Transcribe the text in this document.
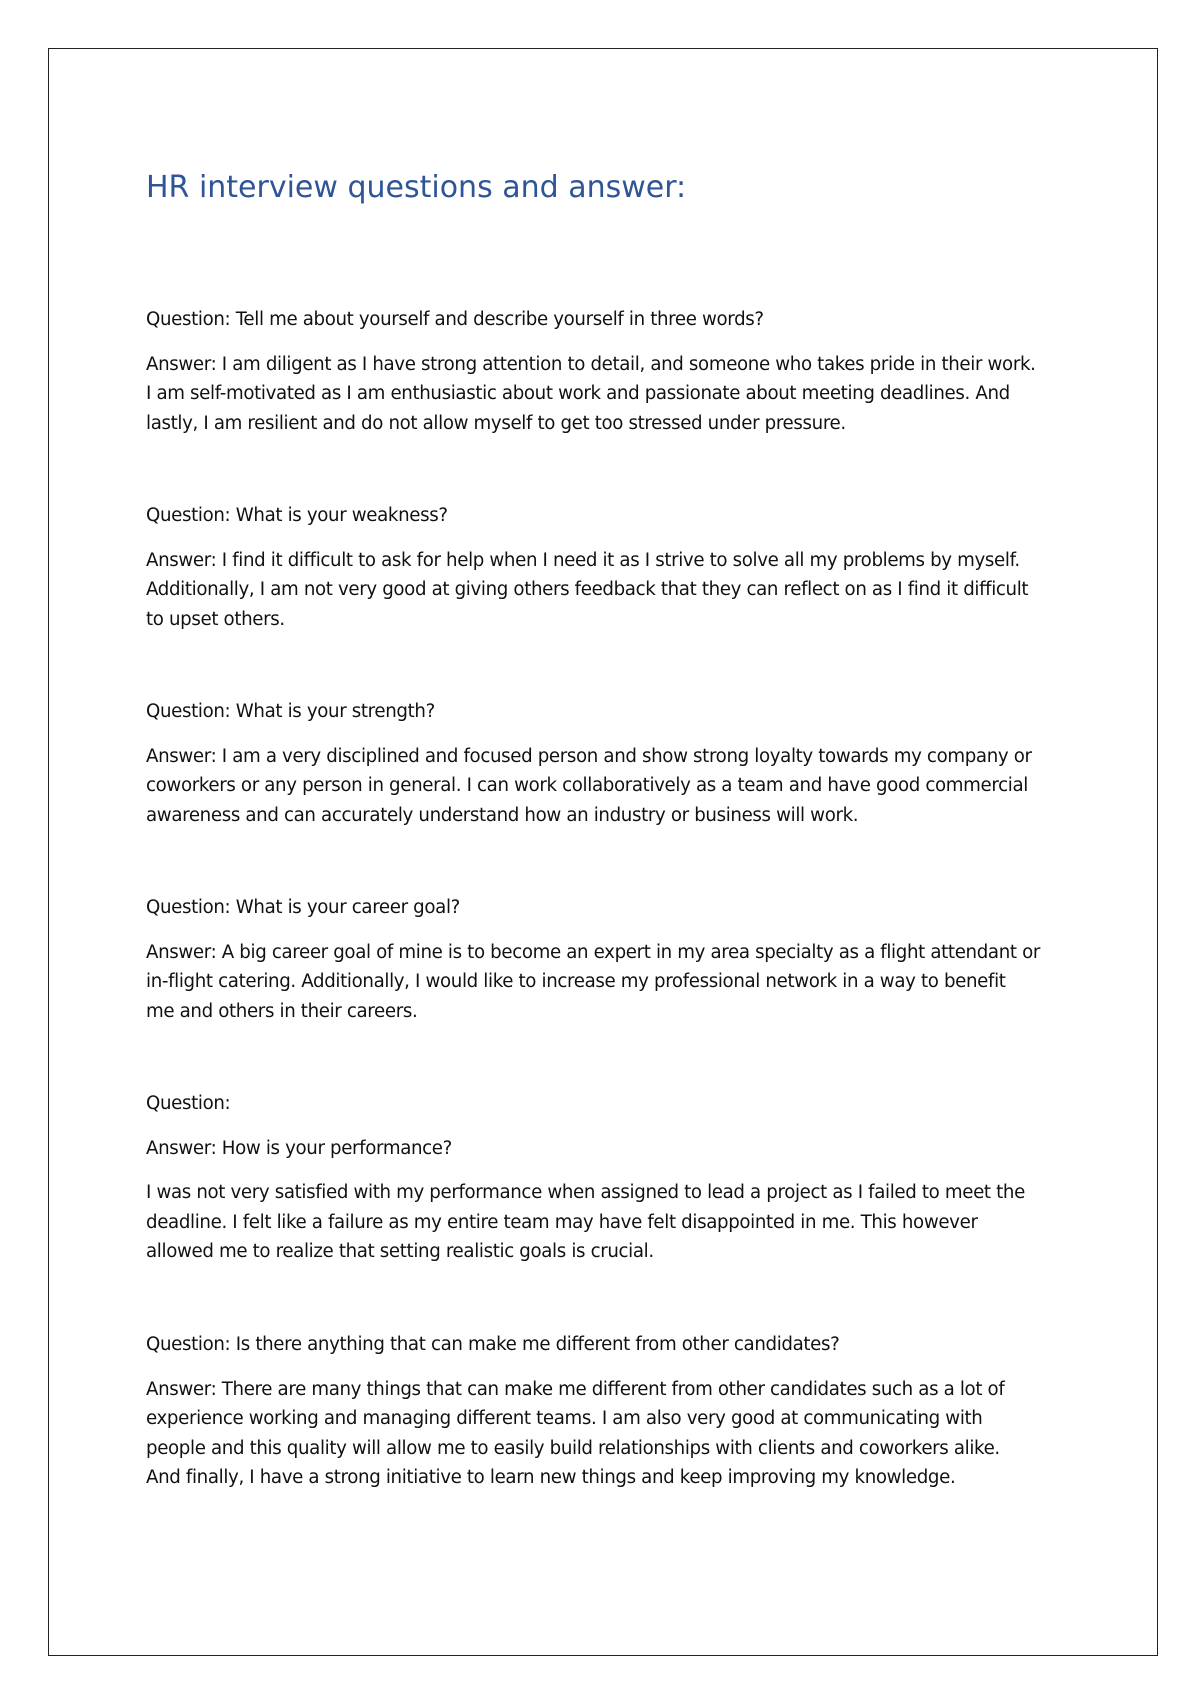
HR interview questions and answer:

Question: Tell me about yourself and describe yourself in three words?

Answer: I am diligent as I have strong attention to detail, and someone who takes pride in their work.

I am self-motivated as I am enthusiastic about work and passionate about meeting deadlines. And

lastly, I am resilient and do not allow myself to get too stressed under pressure.

Question: What is your weakness?

Answer: I find it difficult to ask for help when I need it as I strive to solve all my problems by myself.

Additionally, I am not very good at giving others feedback that they can reflect on as I find it difficult

to upset others.

Question: What is your strength?

Answer: I am a very disciplined and focused person and show strong loyalty towards my company or

coworkers or any person in general. I can work collaboratively as a team and have good commercial

awareness and can accurately understand how an industry or business will work.

Question: What is your career goal?

Answer: A big career goal of mine is to become an expert in my area specialty as a flight attendant or

in-flight catering. Additionally, I would like to increase my professional network in a way to benefit

me and others in their careers.

Question:

Answer: How is your performance?

I was not very satisfied with my performance when assigned to lead a project as I failed to meet the

deadline. I felt like a failure as my entire team may have felt disappointed in me. This however

allowed me to realize that setting realistic goals is crucial.

Question: Is there anything that can make me different from other candidates?

Answer: There are many things that can make me different from other candidates such as a lot of

experience working and managing different teams. I am also very good at communicating with

people and this quality will allow me to easily build relationships with clients and coworkers alike.

And finally, I have a strong initiative to learn new things and keep improving my knowledge.
